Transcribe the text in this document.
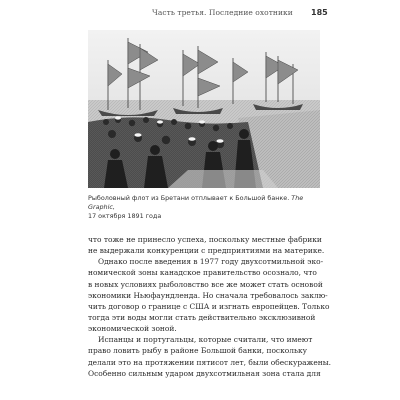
Часть третья. Последние охотники	185
Рыболовный флот из Бретани отплывает к Большой банке. The Graphic,
17 октября 1891 года
что тоже не принесло успеха, поскольку местные фабрики
не выдержали конкуренции с предприятиями на материке.
Однако после введения в 1977 году двухсотмильной эко-
номической зоны канадское правительство осознало, что
в новых условиях рыболовство все же может стать основой
экономики Ньюфаундленда. Но сначала требовалось заклю-
чить договор о границе с США и изгнать европейцев. Только
тогда эти воды могли стать действительно эксклюзивной
экономической зоной.
Испанцы и португальцы, которые считали, что имеют
право ловить рыбу в районе Большой банки, поскольку
делали это на протяжении пятисот лет, были обескуражены.
Особенно сильным ударом двухсотмильная зона стала для
